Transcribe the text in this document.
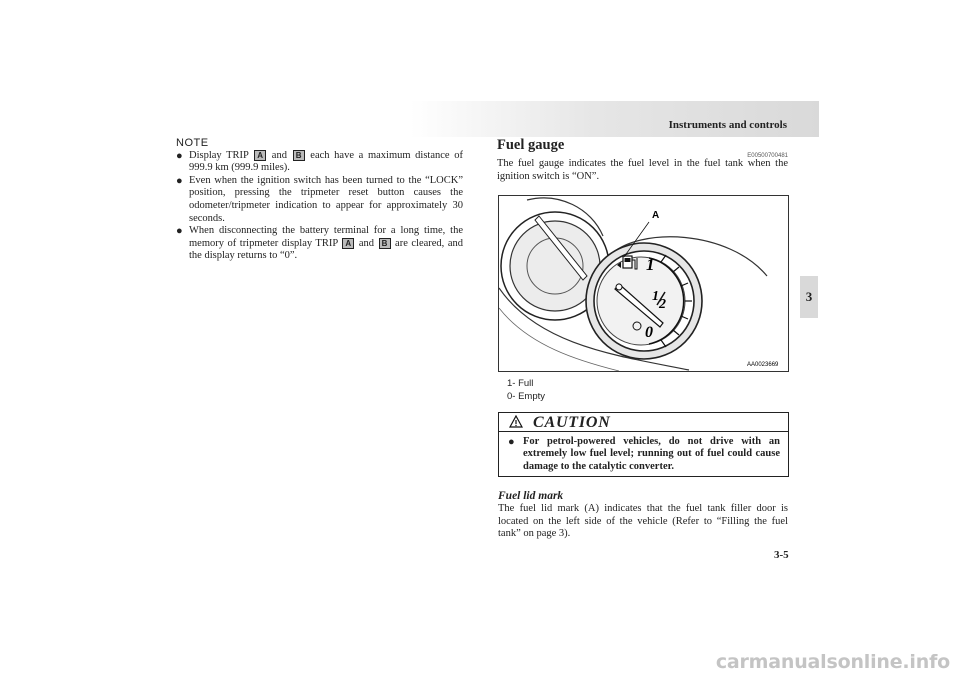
Instruments and controls
3
NOTE
● Display TRIP A and B each have a maximum distance of 999.9 km (999.9 miles).
● Even when the ignition switch has been turned to the “LOCK” position, pressing the tripmeter reset button causes the odometer/tripmeter indication to appear for approximately 30 seconds.
● When disconnecting the battery terminal for a long time, the memory of tripmeter display TRIP A and B are cleared, and the display returns to “0”.
Fuel gauge
E00500700481

The fuel gauge indicates the fuel level in the fuel tank when the ignition switch is “ON”.

A
1
1
2
0
AA0023669
1- Full
0- Empty
CAUTION
● For petrol-powered vehicles, do not drive with an extremely low fuel level; running out of fuel could cause damage to the catalytic converter.
Fuel lid mark

The fuel lid mark (A) indicates that the fuel tank filler door is located on the left side of the vehicle (Refer to “Filling the fuel tank” on page 3).

3-5
carmanualsonline.info
